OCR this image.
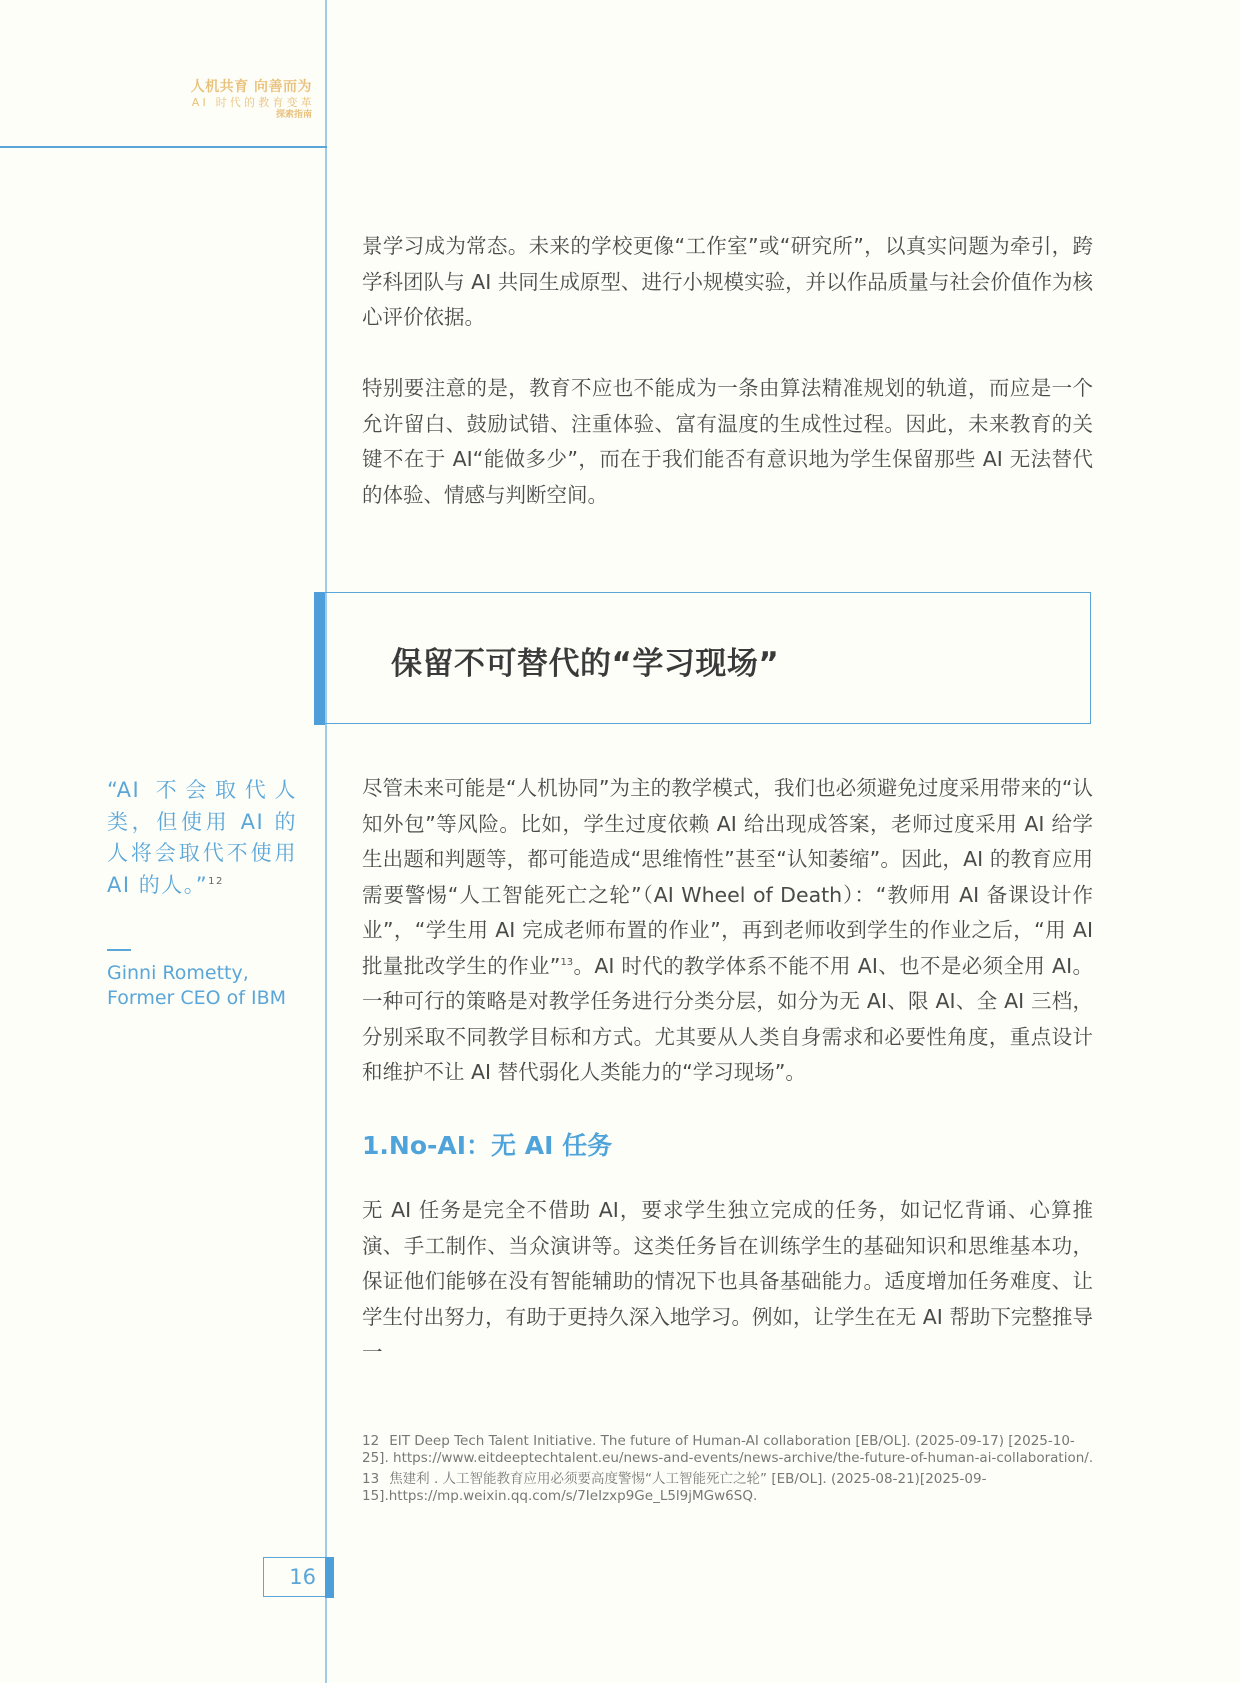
人机共育 向善而为
AI 时代的教育变革
探索指南

景学习成为常态。未来的学校更像“工作室”或“研究所”，以真实问题为牵引，跨学科团队与 AI 共同生成原型、进行小规模实验，并以作品质量与社会价值作为核心评价依据。

特别要注意的是，教育不应也不能成为一条由算法精准规划的轨道，而应是一个允许留白、鼓励试错、注重体验、富有温度的生成性过程。因此，未来教育的关键不在于 AI“能做多少”，而在于我们能否有意识地为学生保留那些 AI 无法替代的体验、情感与判断空间。

保留不可替代的“学习现场”

尽管未来可能是“人机协同”为主的教学模式，我们也必须避免过度采用带来的“认知外包”等风险。比如，学生过度依赖 AI 给出现成答案，老师过度采用 AI 给学生出题和判题等，都可能造成“思维惰性”甚至“认知萎缩”。因此，AI 的教育应用需要警惕“人工智能死亡之轮”（AI Wheel of Death）：“教师用 AI 备课设计作业”，“学生用 AI 完成老师布置的作业”，再到老师收到学生的作业之后，“用 AI 批量批改学生的作业”$^{13}$。AI 时代的教学体系不能不用 AI、也不是必须全用 AI。一种可行的策略是对教学任务进行分类分层，如分为无 AI、限 AI、全 AI 三档，分别采取不同教学目标和方式。尤其要从人类自身需求和必要性角度，重点设计和维护不让 AI 替代弱化人类能力的“学习现场”。

1.No-AI：无 AI 任务

无 AI 任务是完全不借助 AI，要求学生独立完成的任务，如记忆背诵、心算推演、手工制作、当众演讲等。这类任务旨在训练学生的基础知识和思维基本功，保证他们能够在没有智能辅助的情况下也具备基础能力。适度增加任务难度、让学生付出努力，有助于更持久深入地学习。例如，让学生在无 AI 帮助下完整推导一

“AI 不会取代人类，但使用 AI 的人将会取代不使用 AI 的人。”$^{12}$

Ginni Rometty,
Former CEO of IBM
12 EIT Deep Tech Talent Initiative. The future of Human-AI collaboration [EB/OL]. (2025-09-17) [2025-10-25]. https://www.eitdeeptechtalent.eu/news-and-events/news-archive/the-future-of-human-ai-collaboration/.
13 焦建利 . 人工智能教育应用必须要高度警惕“人工智能死亡之轮” [EB/OL]. (2025-08-21)[2025-09-15].https://mp.weixin.qq.com/s/7IeIzxp9Ge_L5l9jMGw6SQ.
16
